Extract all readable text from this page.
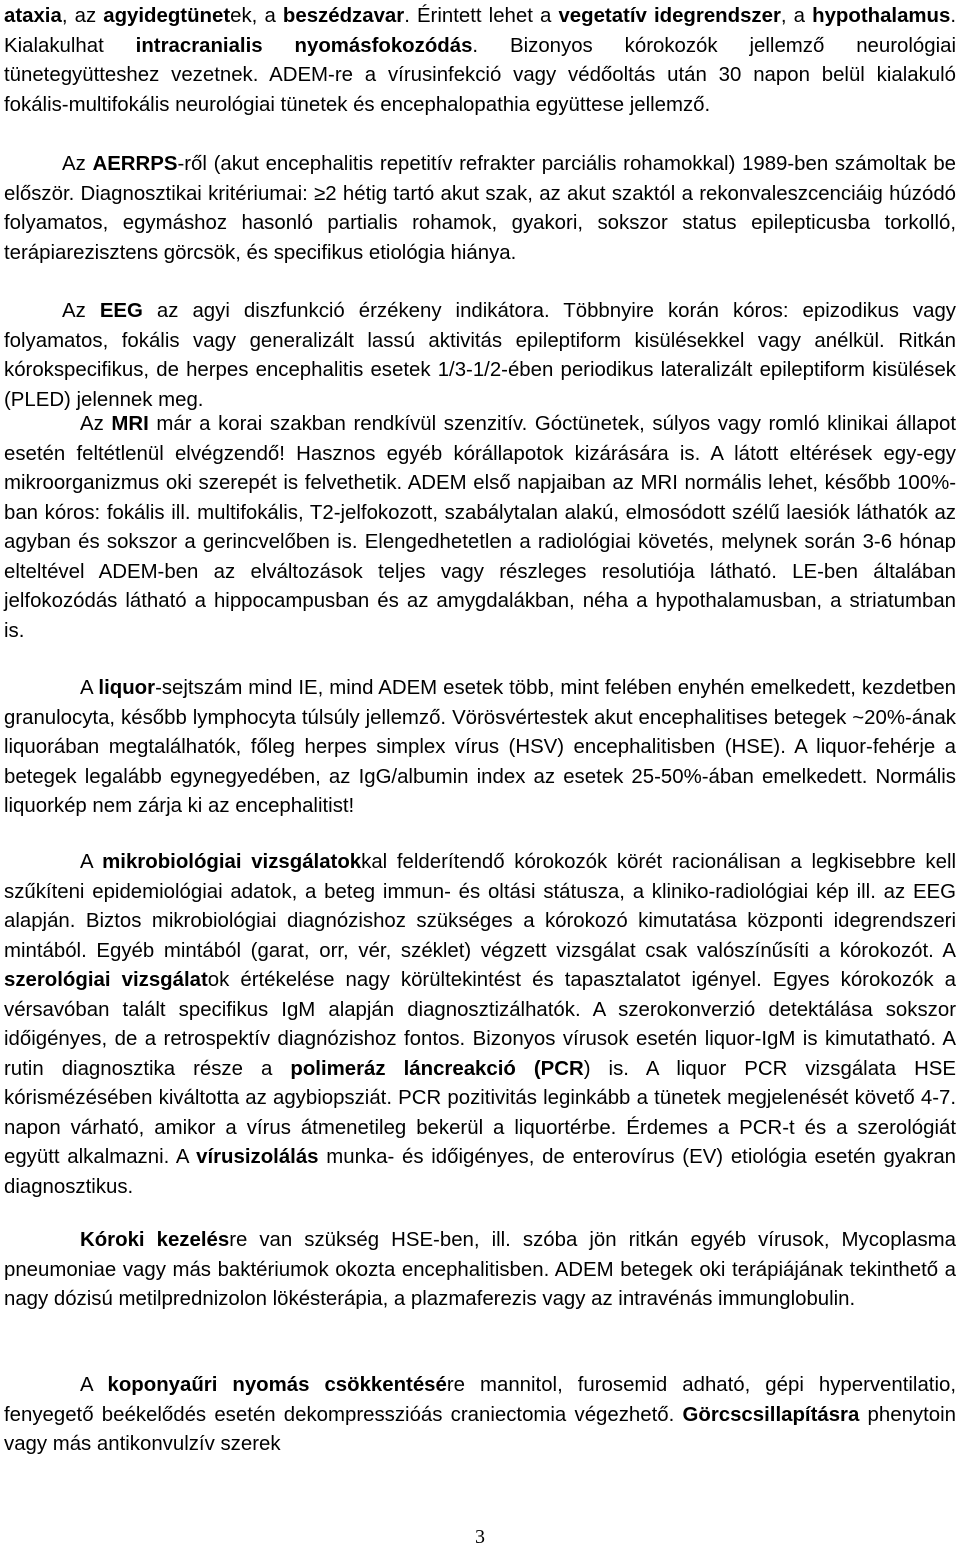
ataxia, az agyidegtünetek, a beszédzavar. Érintett lehet a vegetatív idegrendszer, a hypothalamus. Kialakulhat intracranialis nyomásfokozódás. Bizonyos kórokozók jellemző neurológiai tünetegyütteshez vezetnek. ADEM-re a vírusinfekció vagy védőoltás után 30 napon belül kialakuló fokális-multifokális neurológiai tünetek és encephalopathia együttese jellemző.

Az AERRPS-ről (akut encephalitis repetitív refrakter parciális rohamokkal) 1989-ben számoltak be először. Diagnosztikai kritériumai: ≥2 hétig tartó akut szak, az akut szaktól a rekonvaleszcenciáig húzódó folyamatos, egymáshoz hasonló partialis rohamok, gyakori, sokszor status epilepticusba torkolló, terápiarezisztens görcsök, és specifikus etiológia hiánya.

Az EEG az agyi diszfunkció érzékeny indikátora. Többnyire korán kóros: epizodikus vagy folyamatos, fokális vagy generalizált lassú aktivitás epileptiform kisülésekkel vagy anélkül. Ritkán kórokspecifikus, de herpes encephalitis esetek 1/3-1/2-ében periodikus lateralizált epileptiform kisülések (PLED) jelennek meg.

Az MRI már a korai szakban rendkívül szenzitív. Góctünetek, súlyos vagy romló klinikai állapot esetén feltétlenül elvégzendő! Hasznos egyéb kórállapotok kizárására is. A látott eltérések egy-egy mikroorganizmus oki szerepét is felvethetik. ADEM első napjaiban az MRI normális lehet, később 100%-ban kóros: fokális ill. multifokális, T2-jelfokozott, szabálytalan alakú, elmosódott szélű laesiók láthatók az agyban és sokszor a gerincvelőben is. Elengedhetetlen a radiológiai követés, melynek során 3-6 hónap elteltével ADEM-ben az elváltozások teljes vagy részleges resolutiója látható. LE-ben általában jelfokozódás látható a hippocampusban és az amygdalákban, néha a hypothalamusban, a striatumban is.

A liquor-sejtszám mind IE, mind ADEM esetek több, mint felében enyhén emelkedett, kezdetben granulocyta, később lymphocyta túlsúly jellemző. Vörösvértestek akut encephalitises betegek ~20%-ának liquorában megtalálhatók, főleg herpes simplex vírus (HSV) encephalitisben (HSE). A liquor-fehérje a betegek legalább egynegyedében, az IgG/albumin index az esetek 25-50%-ában emelkedett. Normális liquorkép nem zárja ki az encephalitist!

A mikrobiológiai vizsgálatokkal felderítendő kórokozók körét racionálisan a legkisebbre kell szűkíteni epidemiológiai adatok, a beteg immun- és oltási státusza, a kliniko-radiológiai kép ill. az EEG alapján. Biztos mikrobiológiai diagnózishoz szükséges a kórokozó kimutatása központi idegrendszeri mintából. Egyéb mintából (garat, orr, vér, széklet) végzett vizsgálat csak valószínűsíti a kórokozót. A szerológiai vizsgálatok értékelése nagy körültekintést és tapasztalatot igényel. Egyes kórokozók a vérsavóban talált specifikus IgM alapján diagnosztizálhatók. A szerokonverzió detektálása sokszor időigényes, de a retrospektív diagnózishoz fontos. Bizonyos vírusok esetén liquor-IgM is kimutatható. A rutin diagnosztika része a polimeráz láncreakció (PCR) is. A liquor PCR vizsgálata HSE kórismézésében kiváltotta az agybiopsziát. PCR pozitivitás leginkább a tünetek megjelenését követő 4-7. napon várható, amikor a vírus átmenetileg bekerül a liquortérbe. Érdemes a PCR-t és a szerológiát együtt alkalmazni. A vírusizolálás munka- és időigényes, de enterovírus (EV) etiológia esetén gyakran diagnosztikus.

Kóroki kezelésre van szükség HSE-ben, ill. szóba jön ritkán egyéb vírusok, Mycoplasma pneumoniae vagy más baktériumok okozta encephalitisben. ADEM betegek oki terápiájának tekinthető a nagy dózisú metilprednizolon lökésterápia, a plazmaferezis vagy az intravénás immunglobulin.

A koponyaűri nyomás csökkentésére mannitol, furosemid adható, gépi hyperventilatio, fenyegető beékelődés esetén dekompresszióás craniectomia végezhető. Görcscsillapításra phenytoin vagy más antikonvulzív szerek

3
